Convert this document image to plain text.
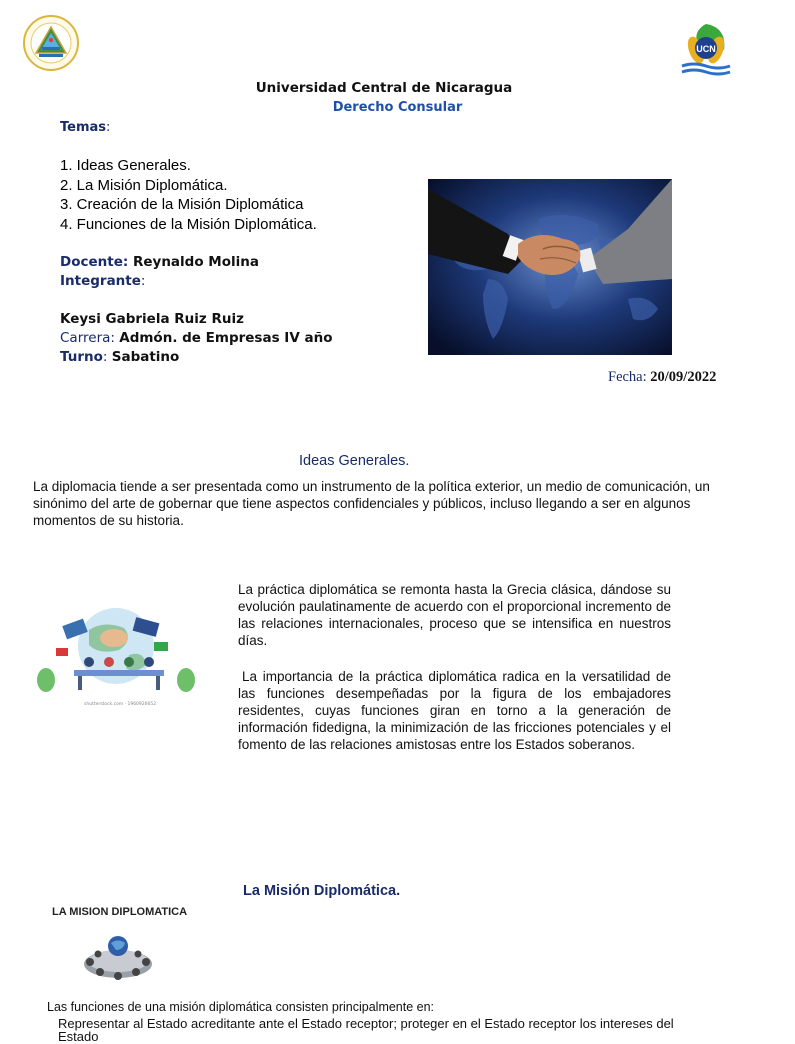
UCN
Universidad Central de Nicaragua
Derecho Consular
Temas:
1. Ideas Generales.
2. La Misión Diplomática.
3. Creación de la Misión Diplomática
4. Funciones de la Misión Diplomática.
Docente: Reynaldo Molina
Integrante:
Keysi Gabriela Ruiz Ruiz
Carrera: Admón. de Empresas IV año
Turno: Sabatino
Fecha: 20/09/2022
Ideas Generales.
La diplomacia tiende a ser presentada como un instrumento de la política exterior, un medio de comunicación, un sinónimo del arte de gobernar que tiene aspectos confidenciales y públicos, incluso llegando a ser en algunos momentos de su historia.
shutterstock.com · 1960926652
La práctica diplomática se remonta hasta la Grecia clásica, dándose su evolución paulatinamente de acuerdo con el proporcional incremento de las relaciones internacionales, proceso que se intensifica en nuestros días.
La importancia de la práctica diplomática radica en la versatilidad de las funciones desempeñadas por la figura de los embajadores residentes, cuyas funciones giran en torno a la generación de información fidedigna, la minimización de las fricciones potenciales y el fomento de las relaciones amistosas entre los Estados soberanos.
La Misión Diplomática.
LA MISION DIPLOMATICA
Las funciones de una misión diplomática consisten principalmente en:
Representar al Estado acreditante ante el Estado receptor; proteger en el Estado receptor los intereses del Estado
